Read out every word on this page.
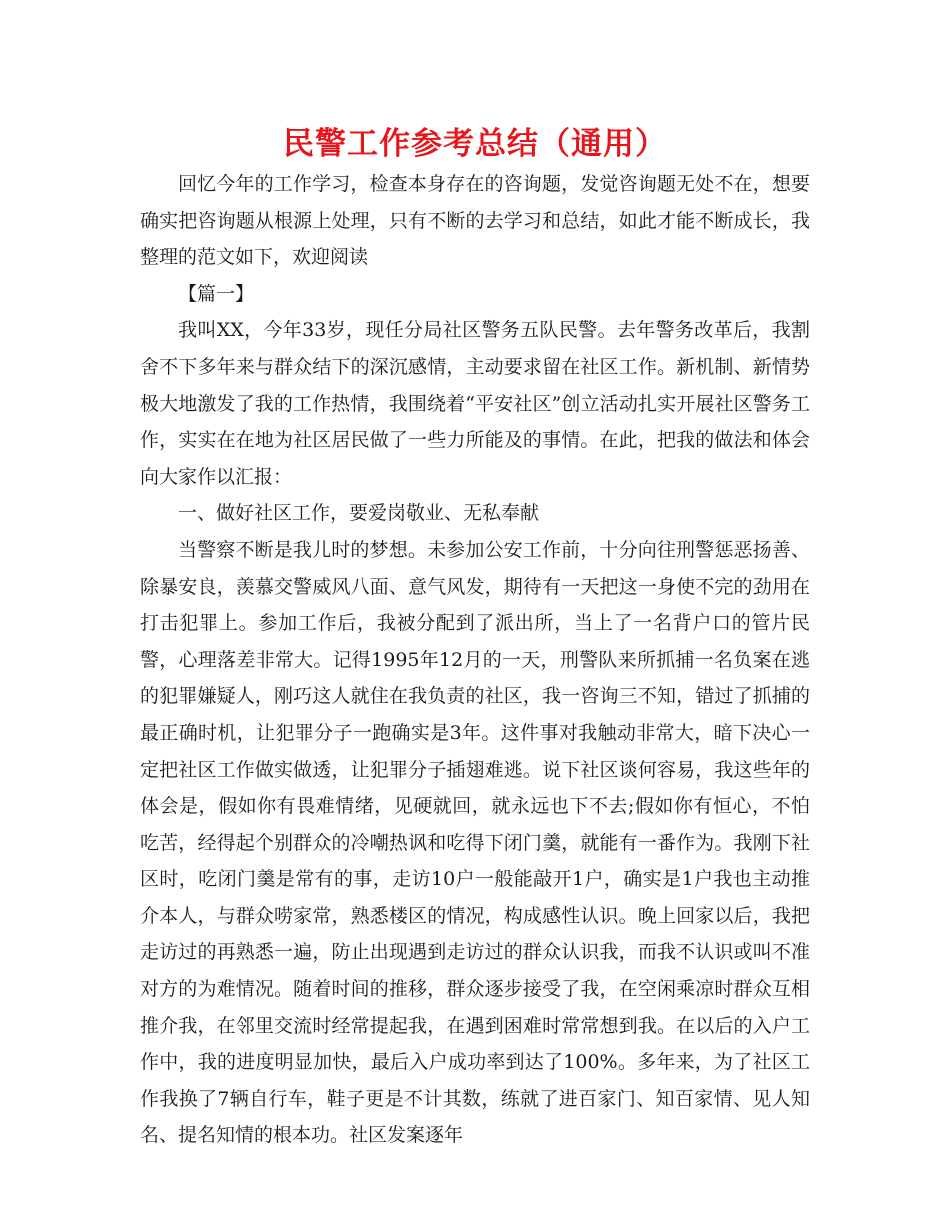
民警工作参考总结（通用）

回忆今年的工作学习，检查本身存在的咨询题，发觉咨询题无处不在，想要确实把咨询题从根源上处理，只有不断的去学习和总结，如此才能不断成长，我整理的范文如下，欢迎阅读

【篇一】

我叫XX，今年33岁，现任分局社区警务五队民警。去年警务改革后，我割舍不下多年来与群众结下的深沉感情，主动要求留在社区工作。新机制、新情势极大地激发了我的工作热情，我围绕着“平安社区”创立活动扎实开展社区警务工作，实实在在地为社区居民做了一些力所能及的事情。在此，把我的做法和体会向大家作以汇报：

一、做好社区工作，要爱岗敬业、无私奉献

当警察不断是我儿时的梦想。未参加公安工作前，十分向往刑警惩恶扬善、除暴安良，羡慕交警威风八面、意气风发，期待有一天把这一身使不完的劲用在打击犯罪上。参加工作后，我被分配到了派出所，当上了一名背户口的管片民警，心理落差非常大。记得1995年12月的一天，刑警队来所抓捕一名负案在逃的犯罪嫌疑人，刚巧这人就住在我负责的社区，我一咨询三不知，错过了抓捕的最正确时机，让犯罪分子一跑确实是3年。这件事对我触动非常大，暗下决心一定把社区工作做实做透，让犯罪分子插翅难逃。说下社区谈何容易，我这些年的体会是，假如你有畏难情绪，见硬就回，就永远也下不去;假如你有恒心，不怕吃苦，经得起个别群众的冷嘲热讽和吃得下闭门羹，就能有一番作为。我刚下社区时，吃闭门羹是常有的事，走访10户一般能敲开1户，确实是1户我也主动推介本人，与群众唠家常，熟悉楼区的情况，构成感性认识。晚上回家以后，我把走访过的再熟悉一遍，防止出现遇到走访过的群众认识我，而我不认识或叫不准对方的为难情况。随着时间的推移，群众逐步接受了我，在空闲乘凉时群众互相推介我，在邻里交流时经常提起我，在遇到困难时常常想到我。在以后的入户工作中，我的进度明显加快，最后入户成功率到达了100%。多年来，为了社区工作我换了7辆自行车，鞋子更是不计其数，练就了进百家门、知百家情、见人知名、提名知情的根本功。社区发案逐年
